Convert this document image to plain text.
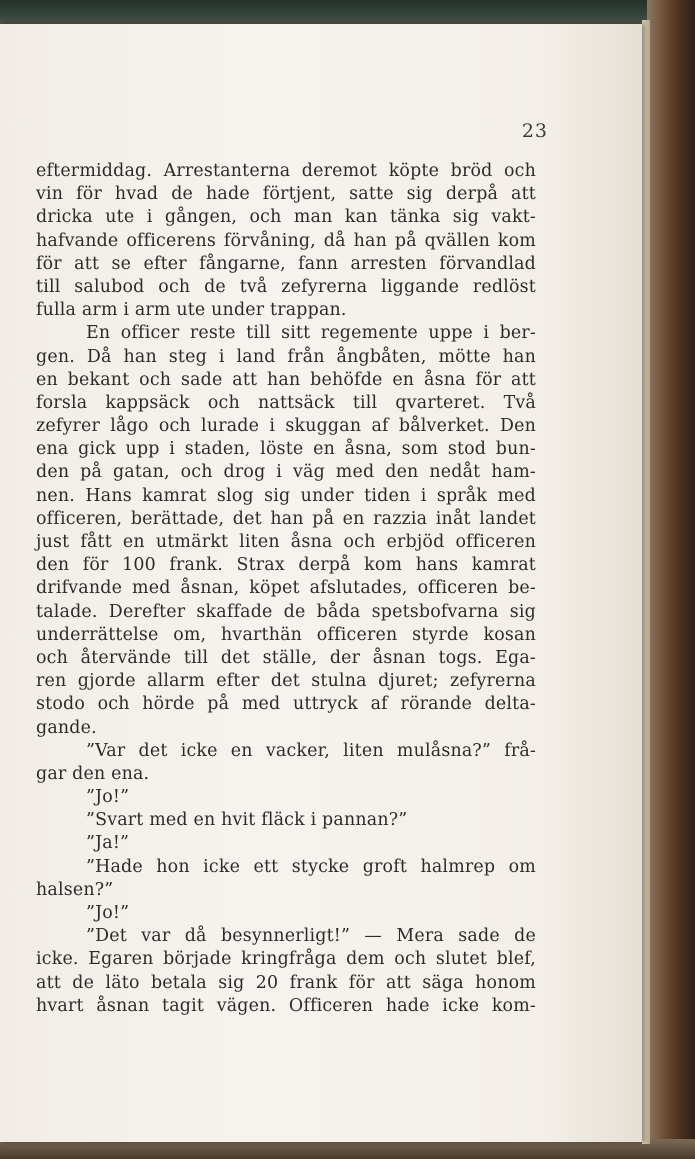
23
eftermiddag. Arrestanterna deremot köpte bröd och
vin för hvad de hade förtjent, satte sig derpå att
dricka ute i gången, och man kan tänka sig vakt-
hafvande officerens förvåning, då han på qvällen kom
för att se efter fångarne, fann arresten förvandlad
till salubod och de två zefyrerna liggande redlöst
fulla arm i arm ute under trappan.
En officer reste till sitt regemente uppe i ber-
gen. Då han steg i land från ångbåten, mötte han
en bekant och sade att han behöfde en åsna för att
forsla kappsäck och nattsäck till qvarteret. Två
zefyrer lågo och lurade i skuggan af bålverket. Den
ena gick upp i staden, löste en åsna, som stod bun-
den på gatan, och drog i väg med den nedåt ham-
nen. Hans kamrat slog sig under tiden i språk med
officeren, berättade, det han på en razzia inåt landet
just fått en utmärkt liten åsna och erbjöd officeren
den för 100 frank. Strax derpå kom hans kamrat
drifvande med åsnan, köpet afslutades, officeren be-
talade. Derefter skaffade de båda spetsbofvarna sig
underrättelse om, hvarthän officeren styrde kosan
och återvände till det ställe, der åsnan togs. Ega-
ren gjorde allarm efter det stulna djuret; zefyrerna
stodo och hörde på med uttryck af rörande delta-
gande.
”Var det icke en vacker, liten mulåsna?” frå-
gar den ena.
”Jo!”
”Svart med en hvit fläck i pannan?”
”Ja!”
”Hade hon icke ett stycke groft halmrep om
halsen?”
”Jo!”
”Det var då besynnerligt!” — Mera sade de
icke. Egaren började kringfråga dem och slutet blef,
att de läto betala sig 20 frank för att säga honom
hvart åsnan tagit vägen. Officeren hade icke kom-
